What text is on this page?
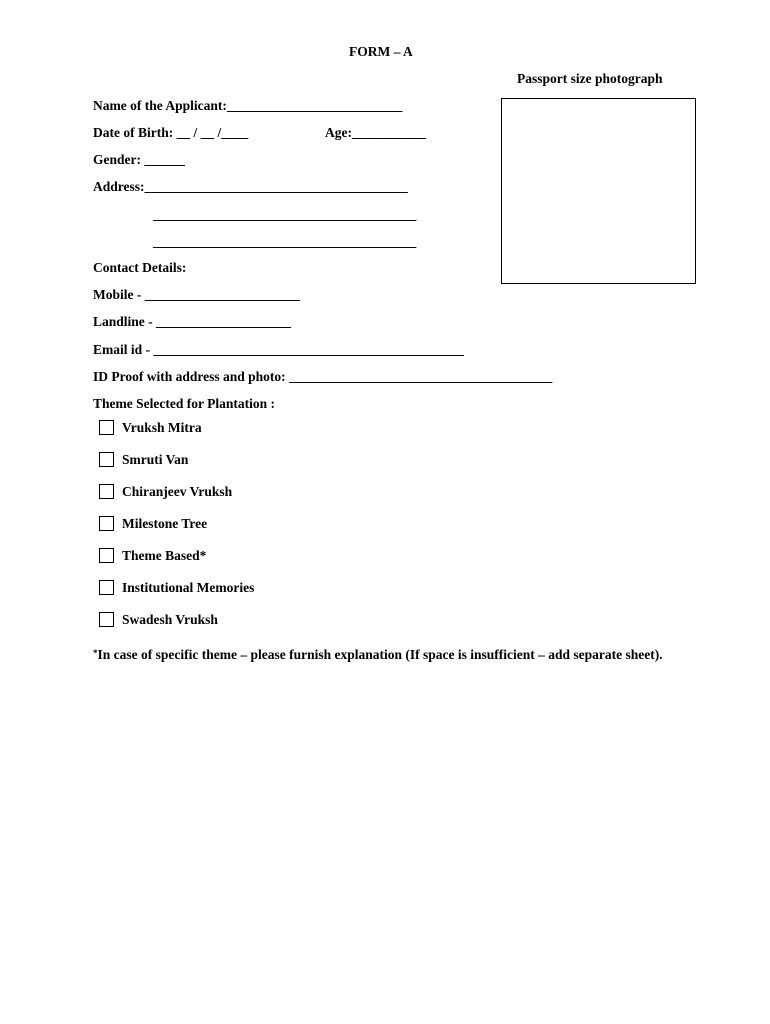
FORM – A
Passport size photograph
Name of the Applicant:__________________________
Date of Birth: __ / __ /____	Age:___________
Gender: ______
Address:_______________________________________
_______________________________________
_______________________________________
Contact Details:
Mobile - _______________________
Landline - ____________________
Email id - ______________________________________________
ID Proof with address and photo: _______________________________________
Theme Selected for Plantation :
Vruksh Mitra
Smruti Van
Chiranjeev Vruksh
Milestone Tree
Theme Based*
Institutional Memories
Swadesh Vruksh
*In case of specific theme – please furnish explanation (If space is insufficient – add separate sheet).
